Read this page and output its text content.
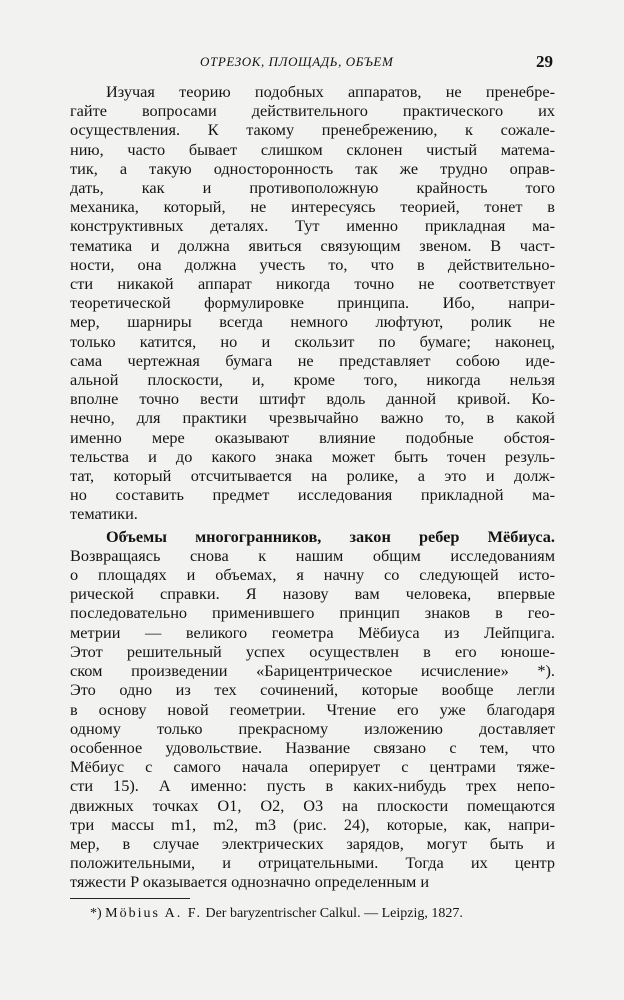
ОТРЕЗОК, ПЛОЩАДЬ, ОБЪЕМ	29

Изучая теорию подобных аппаратов, не пренебре-
гайте вопросами действительного практического их
осуществления. К такому пренебрежению, к сожале-
нию, часто бывает слишком склонен чистый матема-
тик, а такую односторонность так же трудно оправ-
дать, как и противоположную крайность того
механика, который, не интересуясь теорией, тонет в
конструктивных деталях. Тут именно прикладная ма-
тематика и должна явиться связующим звеном. В част-
ности, она должна учесть то, что в действительно-
сти никакой аппарат никогда точно не соответствует
теоретической формулировке принципа. Ибо, напри-
мер, шарниры всегда немного люфтуют, ролик не
только катится, но и скользит по бумаге; наконец,
сама чертежная бумага не представляет собою иде-
альной плоскости, и, кроме того, никогда нельзя
вполне точно вести штифт вдоль данной кривой. Ко-
нечно, для практики чрезвычайно важно то, в какой
именно мере оказывают влияние подобные обстоя-
тельства и до какого знака может быть точен резуль-
тат, который отсчитывается на ролике, а это и долж-
но составить предмет исследования прикладной ма-
тематики.

Объемы многогранников, закон ребер Мёбиуса.
Возвращаясь снова к нашим общим исследованиям
о площадях и объемах, я начну со следующей исто-
рической справки. Я назову вам человека, впервые
последовательно применившего принцип знаков в гео-
метрии — великого геометра Мёбиуса из Лейпцига.
Этот решительный успех осуществлен в его юноше-
ском произведении «Барицентрическое исчисление» *).
Это одно из тех сочинений, которые вообще легли
в основу новой геометрии. Чтение его уже благодаря
одному только прекрасному изложению доставляет
особенное удовольствие. Название связано с тем, что
Мёбиус с самого начала оперирует с центрами тяже-
сти 15). А именно: пусть в каких-нибудь трех непо-
движных точках O1, O2, O3 на плоскости помещаются
три массы m1, m2, m3 (рис. 24), которые, как, напри-
мер, в случае электрических зарядов, могут быть и
положительными, и отрицательными. Тогда их центр
тяжести P оказывается однозначно определенным и

*) Möbius A. F. Der baryzentrischer Calkul. — Leipzig, 1827.
